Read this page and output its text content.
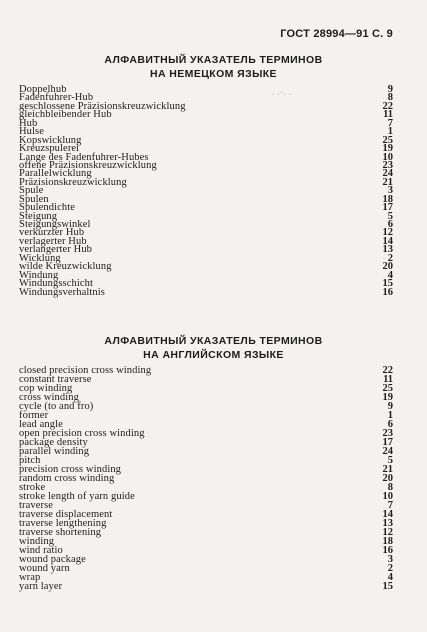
ГОСТ 28994—91 С. 9
АЛФАВИТНЫЙ УКАЗАТЕЛЬ ТЕРМИНОВ
НА НЕМЕЦКОМ ЯЗЫКЕ
· ·ˉ· ·
Doppelhub	9
Fadenfuhrer-Hub	8
geschlossene Präzisionskreuzwicklung	22
gleichbleibender Hub	11
Hub	7
Hulse	1
Kopswicklung	25
Kreuzspulerei	19
Lange des Fadenfuhrer-Hubes	10
offene Präzisionskreuzwicklung	23
Parallelwicklung	24
Präzisionskreuzwicklung	21
Spule	3
Spulen	18
Spulendichte	17
Steigung	5
Steigungswinkel	6
verkurzter Hub	12
verlagerter Hub	14
verlangerter Hub	13
Wicklung	2
wilde Kreuzwicklung	20
Windung	4
Windungsschicht	15
Windungsverhaltnis	16
АЛФАВИТНЫЙ УКАЗАТЕЛЬ ТЕРМИНОВ
НА АНГЛИЙСКОМ ЯЗЫКЕ
closed precision cross winding	22
constant traverse	11
cop winding	25
cross winding	19
cycle (to and fro)	9
former	1
lead angle	6
open precision cross winding	23
package density	17
parallel winding	24
pitch	5
precision cross winding	21
random cross winding	20
stroke	8
stroke length of yarn guide	10
traverse	7
traverse displacement	14
traverse lengthening	13
traverse shortening	12
winding	18
wind ratio	16
wound package	3
wound yarn	2
wrap	4
yarn layer	15
